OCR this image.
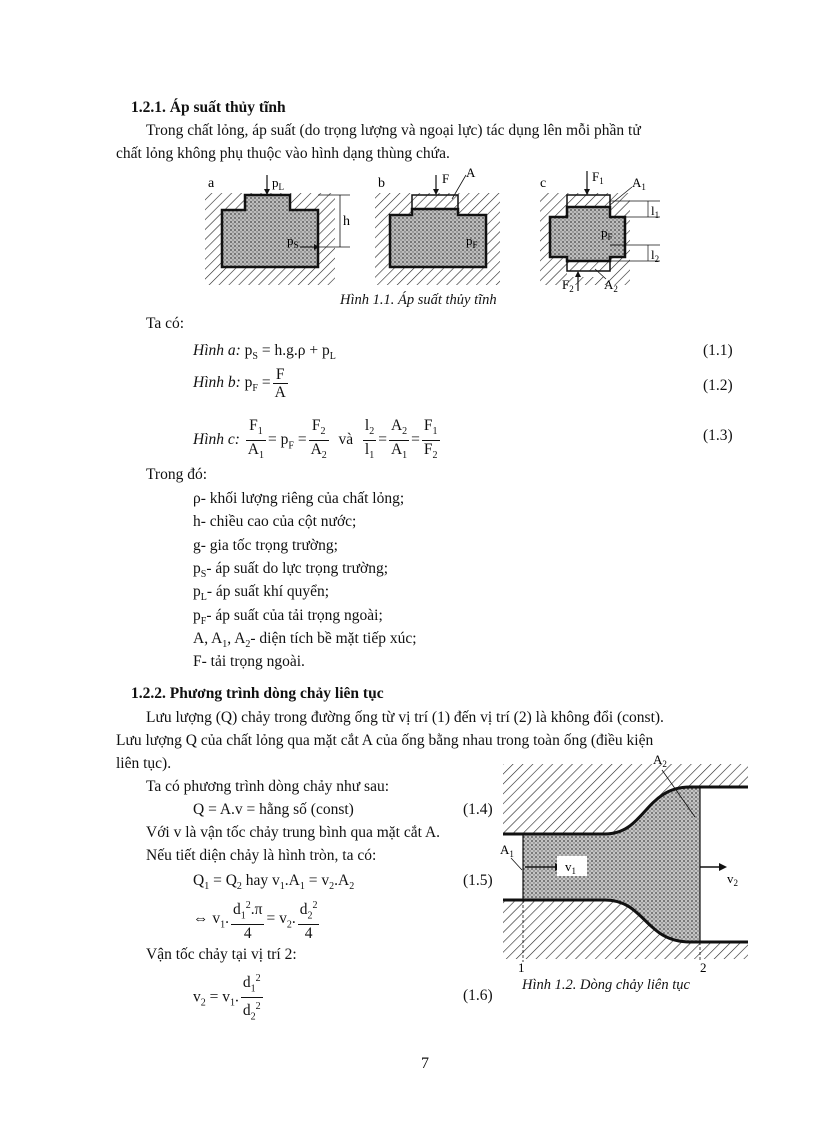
1.2.1. Áp suất thủy tĩnh
Trong chất lỏng, áp suất (do trọng lượng và ngoại lực) tác dụng lên mỗi phần tử
chất lỏng không phụ thuộc vào hình dạng thùng chứa.
a	$p_L$
h
$p_S$
b	F A
$p_F$
c	$F_1$ $A_1$
$l_1$
$p_F$
$l_2$
$F_2$ $A_2$
Hình 1.1. Áp suất thủy tĩnh
Ta có:
Hình a: $p_S = h.g.\rho + p_L$	(1.1)
Hình b: $p_F = \frac{F}{A}$	(1.2)
Hình c: $\frac{F_1}{A_1} = p_F = \frac{F_2}{A_2}$ và $\frac{l_2}{l_1} = \frac{A_2}{A_1} = \frac{F_1}{F_2}$	(1.3)
Trong đó:
ρ- khối lượng riêng của chất lỏng;
h- chiều cao của cột nước;
g- gia tốc trọng trường;
$p_S-$ áp suất do lực trọng trường;
$p_L-$ áp suất khí quyển;
$p_F-$ áp suất của tải trọng ngoài;
A, $A_1$, $A_2-$ diện tích bề mặt tiếp xúc;
F- tải trọng ngoài.
1.2.2. Phương trình dòng chảy liên tục
Lưu lượng (Q) chảy trong đường ống từ vị trí (1) đến vị trí (2) là không đổi (const).
Lưu lượng Q của chất lỏng qua mặt cắt A của ống bằng nhau trong toàn ống (điều kiện
liên tục).
Ta có phương trình dòng chảy như sau:
Q = A.v = hằng số (const)	(1.4)
Với v là vận tốc chảy trung bình qua mặt cắt A.
Nếu tiết diện chảy là hình tròn, ta có:
$Q_1 = Q_2$ hay $v_1.A_1 = v_2.A_2$	(1.5)
⇔ $v_1$. $\frac{d_1^2.\pi}{4} = v_2$. $\frac{d_2^2}{4}$
Vận tốc chảy tại vị trí 2:
$v_2 = v_1$. $\frac{d_1^2}{d_2^2}$	(1.6)
$A_2$
$A_1$
$v_1$	$v_2$
1	2
Hình 1.2. Dòng chảy liên tục
7
